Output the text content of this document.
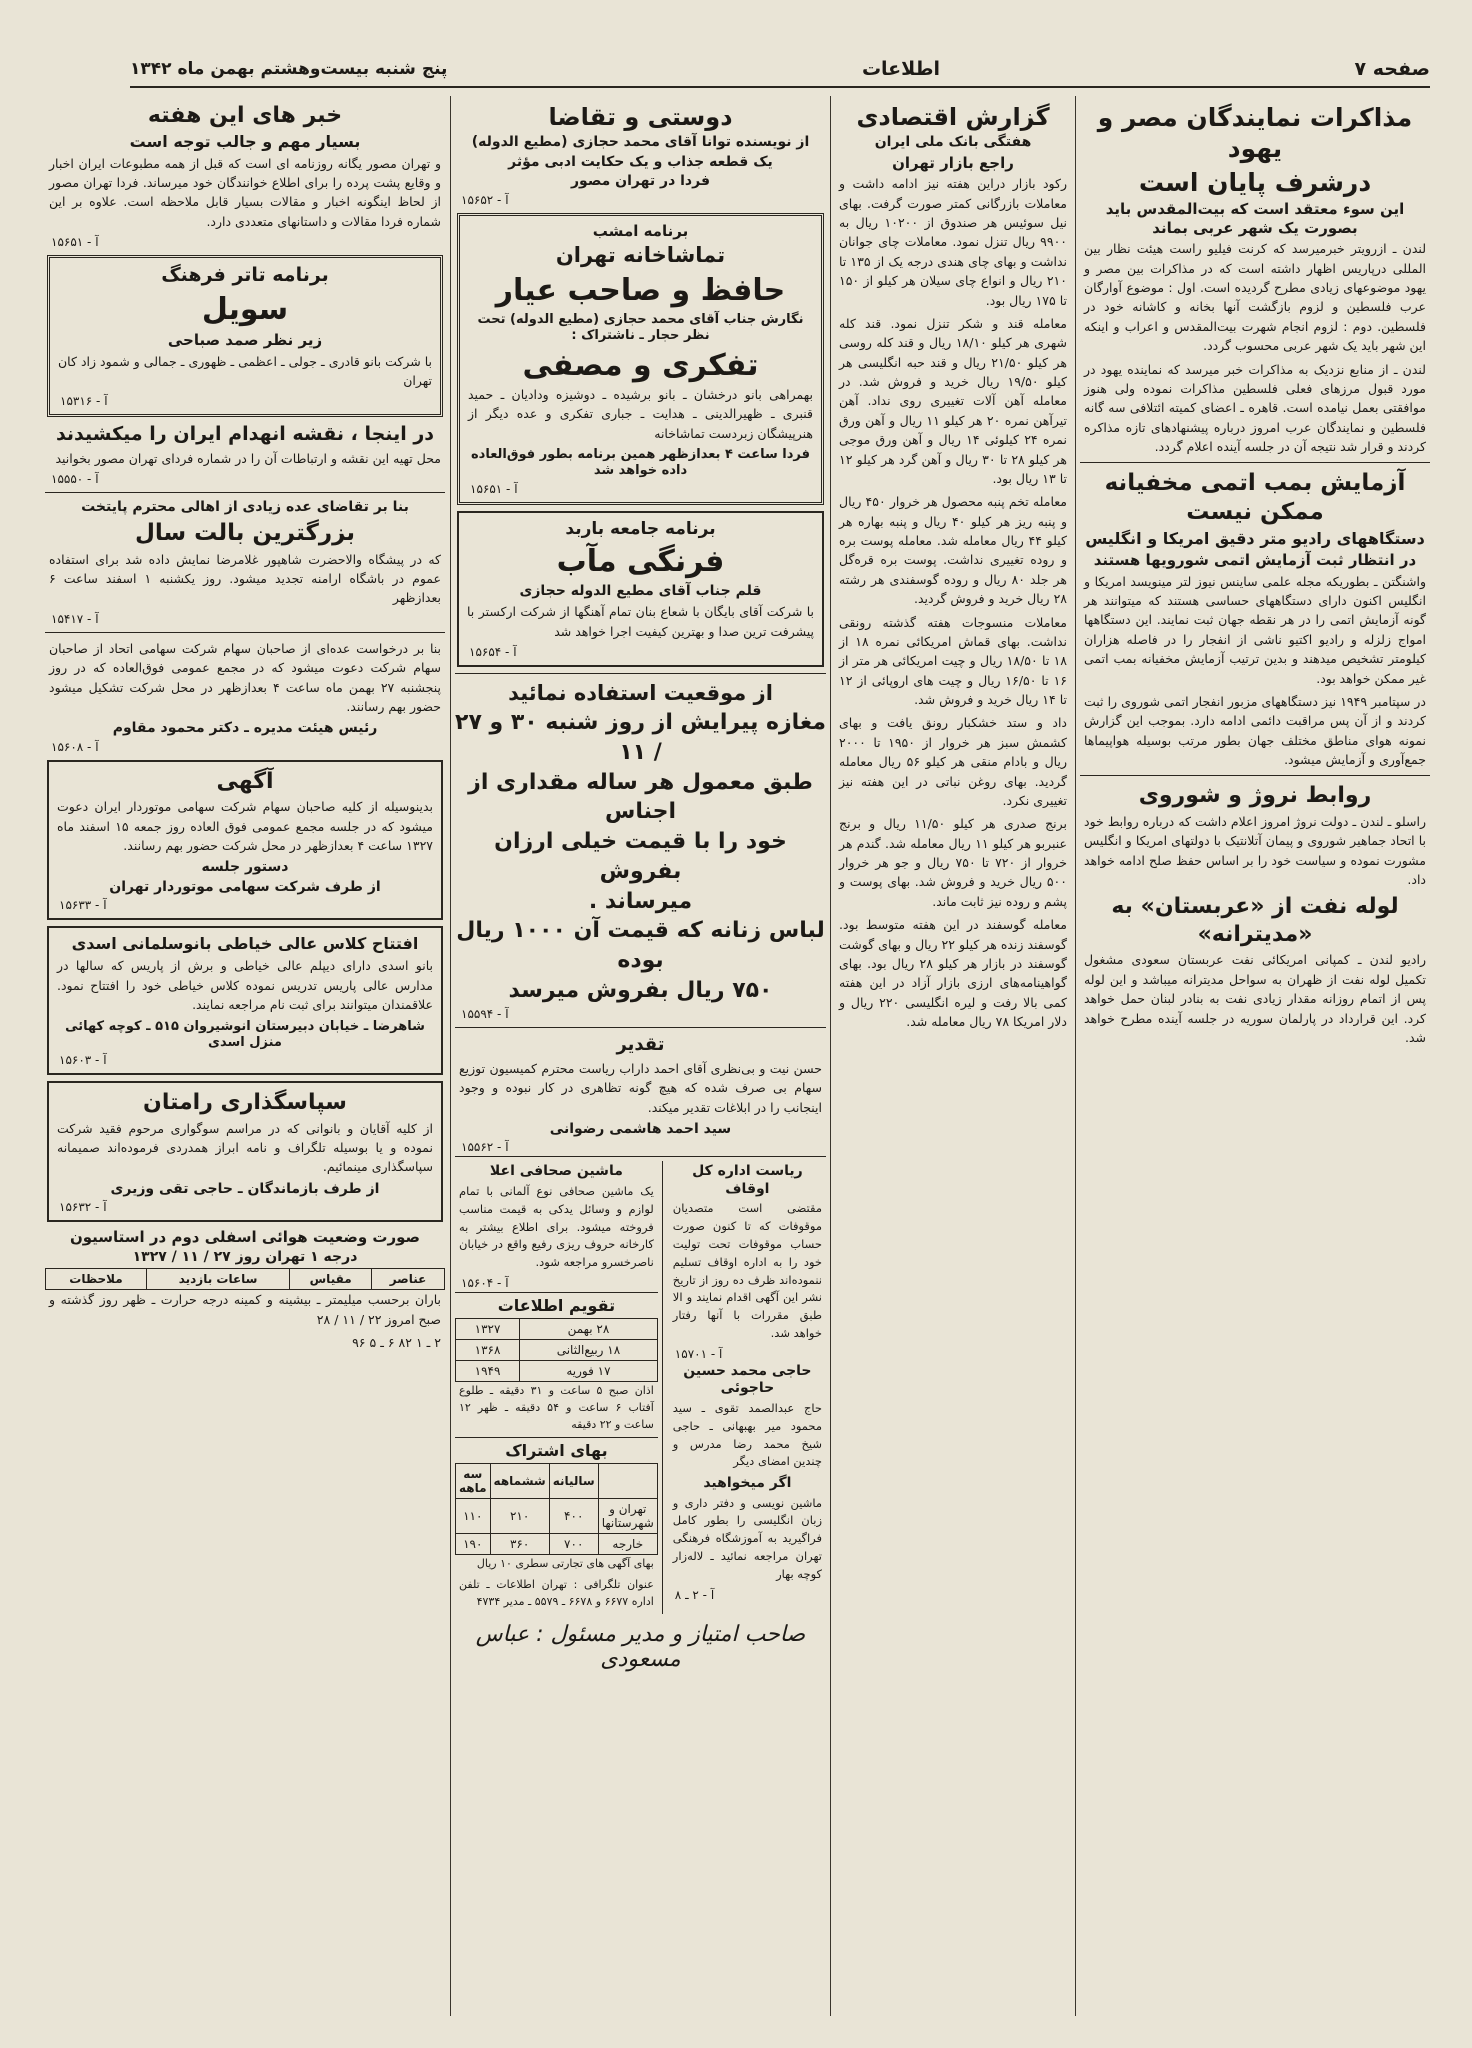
صفحه ۷
اطلاعات
پنج شنبه بیست‌وهشتم بهمن ماه ۱۳۴۲
مذاکرات نمایندگان مصر و یهود
درشرف پایان است
این سوء معتقد است که بیت‌المقدس باید بصورت یک شهر عربی بماند

لندن ـ ازرویتر خبرمیرسد که کرنت فیلیو راست هیئت نظار بین المللی درپاریس اظهار داشته است که در مذاکرات بین مصر و یهود موضوعهای زیادی مطرح گردیده است. اول : موضوع آوارگان عرب فلسطین و لزوم بازگشت آنها بخانه و کاشانه خود در فلسطین. دوم : لزوم انجام شهرت بیت‌المقدس و اعراب و اینکه این شهر باید یک شهر عربی محسوب گردد.

لندن ـ از منابع نزدیک به مذاکرات خبر میرسد که نماینده یهود در مورد قبول مرزهای فعلی فلسطین مذاکرات نموده ولی هنوز موافقتی بعمل نیامده است. قاهره ـ اعضای کمیته ائتلافی سه گانه فلسطین و نمایندگان عرب امروز درباره پیشنهادهای تازه مذاکره کردند و قرار شد نتیجه آن در جلسه آینده اعلام گردد.

آزمایش بمب اتمی مخفیانه ممکن نیست
دستگاههای رادیو متر دقیق امریکا و انگلیس
در انتظار ثبت آزمایش اتمی شورویها هستند

واشنگتن ـ بطوریکه مجله علمی ساینس نیوز لتر مینویسد امریکا و انگلیس اکنون دارای دستگاههای حساسی هستند که میتوانند هر گونه آزمایش اتمی را در هر نقطه جهان ثبت نمایند. این دستگاهها امواج زلزله و رادیو اکتیو ناشی از انفجار را در فاصله هزاران کیلومتر تشخیص میدهند و بدین ترتیب آزمایش مخفیانه بمب اتمی غیر ممکن خواهد بود.

در سپتامبر ۱۹۴۹ نیز دستگاههای مزبور انفجار اتمی شوروی را ثبت کردند و از آن پس مراقبت دائمی ادامه دارد. بموجب این گزارش نمونه هوای مناطق مختلف جهان بطور مرتب بوسیله هواپیماها جمع‌آوری و آزمایش میشود.

روابط نروژ و شوروی

راسلو ـ لندن ـ دولت نروژ امروز اعلام داشت که درباره روابط خود با اتحاد جماهیر شوروی و پیمان آتلانتیک با دولتهای امریکا و انگلیس مشورت نموده و سیاست خود را بر اساس حفظ صلح ادامه خواهد داد.

لوله نفت از «عربستان» به «مدیترانه»

رادیو لندن ـ کمپانی امریکائی نفت عربستان سعودی مشغول تکمیل لوله نفت از ظهران به سواحل مدیترانه میباشد و این لوله پس از اتمام روزانه مقدار زیادی نفت به بنادر لبنان حمل خواهد کرد. این قرارداد در پارلمان سوریه در جلسه آینده مطرح خواهد شد.

گزارش اقتصادی
هفتگی بانک ملی ایران
راجع بازار تهران

رکود بازار دراین هفته نیز ادامه داشت و معاملات بازرگانی کمتر صورت گرفت. بهای نیل سوئیس هر صندوق از ۱۰۲۰۰ ریال به ۹۹۰۰ ریال تنزل نمود. معاملات چای جوانان نداشت و بهای چای هندی درجه یک از ۱۳۵ تا ۲۱۰ ریال و انواع چای سیلان هر کیلو از ۱۵۰ تا ۱۷۵ ریال بود.

معامله قند و شکر تنزل نمود. قند کله شهری هر کیلو ۱۸/۱۰ ریال و قند کله روسی هر کیلو ۲۱/۵۰ ریال و قند حبه انگلیسی هر کیلو ۱۹/۵۰ ریال خرید و فروش شد. در معامله آهن آلات تغییری روی نداد. آهن تیرآهن نمره ۲۰ هر کیلو ۱۱ ریال و آهن ورق نمره ۲۴ کیلوئی ۱۴ ریال و آهن ورق موجی هر کیلو ۲۸ تا ۳۰ ریال و آهن گرد هر کیلو ۱۲ تا ۱۳ ریال بود.

معامله تخم پنبه محصول هر خروار ۴۵۰ ریال و پنبه ریز هر کیلو ۴۰ ریال و پنبه بهاره هر کیلو ۴۴ ریال معامله شد. معامله پوست بره و روده تغییری نداشت. پوست بره قره‌گل هر جلد ۸۰ ریال و روده گوسفندی هر رشته ۲۸ ریال خرید و فروش گردید.

معاملات منسوجات هفته گذشته رونقی نداشت. بهای قماش امریکائی نمره ۱۸ از ۱۸ تا ۱۸/۵۰ ریال و چیت امریکائی هر متر از ۱۶ تا ۱۶/۵۰ ریال و چیت های اروپائی از ۱۲ تا ۱۴ ریال خرید و فروش شد.

داد و ستد خشکبار رونق یافت و بهای کشمش سبز هر خروار از ۱۹۵۰ تا ۲۰۰۰ ریال و بادام منقی هر کیلو ۵۶ ریال معامله گردید. بهای روغن نباتی در این هفته نیز تغییری نکرد.

برنج صدری هر کیلو ۱۱/۵۰ ریال و برنج عنبربو هر کیلو ۱۱ ریال معامله شد. گندم هر خروار از ۷۲۰ تا ۷۵۰ ریال و جو هر خروار ۵۰۰ ریال خرید و فروش شد. بهای پوست و پشم و روده نیز ثابت ماند.

معامله گوسفند در این هفته متوسط بود. گوسفند زنده هر کیلو ۲۲ ریال و بهای گوشت گوسفند در بازار هر کیلو ۲۸ ریال بود. بهای گواهینامه‌های ارزی بازار آزاد در این هفته کمی بالا رفت و لیره انگلیسی ۲۲۰ ریال و دلار امریکا ۷۸ ریال معامله شد.

دوستی و تقاضا
از نویسنده توانا آقای محمد حجازی (مطیع الدوله)
یک قطعه جذاب و یک حکایت ادبی مؤثر
فردا در تهران مصور
آ - ۱۵۶۵۲
برنامه امشب
تماشاخانه تهران
حافظ و صاحب عیار
نگارش جناب آقای محمد حجازی (مطیع الدوله) تحت نظر حجار ـ ناشتراک :
تفکری و مصفی

بهمراهی بانو درخشان ـ بانو برشیده ـ دوشیزه ودادیان ـ حمید قنبری ـ ظهیرالدینی ـ هدایت ـ جباری تفکری و عده دیگر از هنرپیشگان زبردست تماشاخانه

فردا ساعت ۴ بعدازظهر همین برنامه بطور فوق‌العاده داده خواهد شد
آ - ۱۵۶۵۱
برنامه جامعه باربد
فرنگی مآب
قلم جناب آقای مطیع الدوله حجازی

با شرکت آقای بایگان با شعاع بنان تمام آهنگها از شرکت ارکستر با پیشرفت ترین صدا و بهترین کیفیت اجرا خواهد شد

آ - ۱۵۶۵۴
از موقعیت استفاده نمائید
مغازه پیرایش از روز شنبه ۳۰ و ۲۷ / ۱۱
طبق معمول هر ساله مقداری از اجناس
خود را با قیمت خیلی ارزان بفروش
میرساند .
لباس زنانه که قیمت آن ۱۰۰۰ ریال بوده
۷۵۰ ریال بفروش میرسد
آ - ۱۵۵۹۴
تقدیر

حسن نیت و بی‌نظری آقای احمد داراب ریاست محترم کمیسیون توزیع سهام بی صرف شده که هیچ گونه تظاهری در کار نبوده و وجود اینجانب را در ابلاغات تقدیر میکند.

سید احمد هاشمی رضوانی
آ - ۱۵۵۶۲
ریاست اداره کل اوقاف

مقتضی است متصدیان موقوفات که تا کنون صورت حساب موقوفات تحت تولیت خود را به اداره اوقاف تسلیم ننموده‌اند ظرف ده روز از تاریخ نشر این آگهی اقدام نمایند و الا طبق مقررات با آنها رفتار خواهد شد.

آ - ۱۵۷۰۱
حاجی محمد حسین حاجوئی

حاج عبدالصمد تقوی ـ سید محمود میر بهبهانی ـ حاجی شیخ محمد رضا مدرس و چندین امضای دیگر

اگر میخواهید

ماشین نویسی و دفتر داری و زبان انگلیسی را بطور کامل فراگیرید به آموزشگاه فرهنگی تهران مراجعه نمائید ـ لاله‌زار کوچه بهار

آ - ۲ ـ ۸
ماشین صحافی اعلا

یک ماشین صحافی نوع آلمانی با تمام لوازم و وسائل یدکی به قیمت مناسب فروخته میشود. برای اطلاع بیشتر به کارخانه حروف ریزی رفیع واقع در خیابان ناصرخسرو مراجعه شود.

آ - ۱۵۶۰۴
تقویم اطلاعات
۲۸ بهمن	۱۳۲۷
۱۸ ربیع‌الثانی	۱۳۶۸
۱۷ فوریه	۱۹۴۹

اذان صبح ۵ ساعت و ۳۱ دقیقه ـ طلوع آفتاب ۶ ساعت و ۵۴ دقیقه ـ ظهر ۱۲ ساعت و ۲۲ دقیقه

بهای اشتراک
	سالیانه	ششماهه	سه ماهه
تهران و شهرستانها	۴۰۰	۲۱۰	۱۱۰
خارجه	۷۰۰	۳۶۰	۱۹۰

بهای آگهی های تجارتی سطری ۱۰ ریال

عنوان تلگرافی : تهران اطلاعات ـ تلفن اداره ۶۶۷۷ و ۶۶۷۸ ـ ۵۵۷۹ ـ مدیر ۴۷۳۴

صاحب امتیاز و مدیر مسئول : عباس مسعودی
خبر های این هفته
بسیار مهم و جالب توجه است

و تهران مصور یگانه روزنامه ای است که قبل از همه مطبوعات ایران اخبار و وقایع پشت پرده را برای اطلاع خوانندگان خود میرساند. فردا تهران مصور از لحاظ اینگونه اخبار و مقالات بسیار قابل ملاحظه است. علاوه بر این شماره فردا مقالات و داستانهای متعددی دارد.

آ - ۱۵۶۵۱
برنامه تاتر فرهنگ
سویل
زیر نظر صمد صباحی

با شرکت بانو قادری ـ جولی ـ اعظمی ـ ظهوری ـ جمالی و شمود زاد کان تهران

آ - ۱۵۳۱۶
در اینجا ، نقشه انهدام ایران را میکشیدند

محل تهیه این نقشه و ارتباطات آن را در شماره فردای تهران مصور بخوانید

آ - ۱۵۵۵۰
بنا بر تقاضای عده زیادی از اهالی محترم پایتخت
بزرگترین بالت سال

که در پیشگاه والاحضرت شاهپور غلامرضا نمایش داده شد برای استفاده عموم در باشگاه ارامنه تجدید میشود. روز یکشنبه ۱ اسفند ساعت ۶ بعدازظهر

آ - ۱۵۴۱۷

بنا بر درخواست عده‌ای از صاحبان سهام شرکت سهامی اتحاد از صاحبان سهام شرکت دعوت میشود که در مجمع عمومی فوق‌العاده که در روز پنجشنبه ۲۷ بهمن ماه ساعت ۴ بعدازظهر در محل شرکت تشکیل میشود حضور بهم رسانند.

رئیس هیئت مدیره ـ دکتر محمود مقاوم
آ - ۱۵۶۰۸
آگهی

بدینوسیله از کلیه صاحبان سهام شرکت سهامی موتوردار ایران دعوت میشود که در جلسه مجمع عمومی فوق العاده روز جمعه ۱۵ اسفند ماه ۱۳۲۷ ساعت ۴ بعدازظهر در محل شرکت حضور بهم رسانند.

دستور جلسه
از طرف شرکت سهامی موتوردار تهران
آ - ۱۵۶۳۳
افتتاح کلاس عالی خیاطی بانوسلمانی اسدی

بانو اسدی دارای دیپلم عالی خیاطی و برش از پاریس که سالها در مدارس عالی پاریس تدریس نموده کلاس خیاطی خود را افتتاح نمود. علاقمندان میتوانند برای ثبت نام مراجعه نمایند.

شاهرضا ـ خیابان دبیرستان انوشیروان ۵۱۵ ـ کوچه کهائی منزل اسدی
آ - ۱۵۶۰۳
سپاسگذاری رامتان

از کلیه آقایان و بانوانی که در مراسم سوگواری مرحوم فقید شرکت نموده و یا بوسیله تلگراف و نامه ابراز همدردی فرموده‌اند صمیمانه سپاسگذاری مینمائیم.

از طرف بازماندگان ـ حاجی تقی وزیری
آ - ۱۵۶۳۲
صورت وضعیت هوائی اسفلی دوم در استاسیون
درجه ۱ تهران روز ۲۷ / ۱۱ / ۱۳۲۷
عناصر	مقیاس	ساعات بازدید	ملاحظات

باران برحسب میلیمتر ـ بیشینه و کمینه درجه حرارت ـ ظهر روز گذشته و صبح امروز ۲۲ / ۱۱ / ۲۸

۲ ـ ۱ ۸۲ ۶ ـ ۵ ۹۶
